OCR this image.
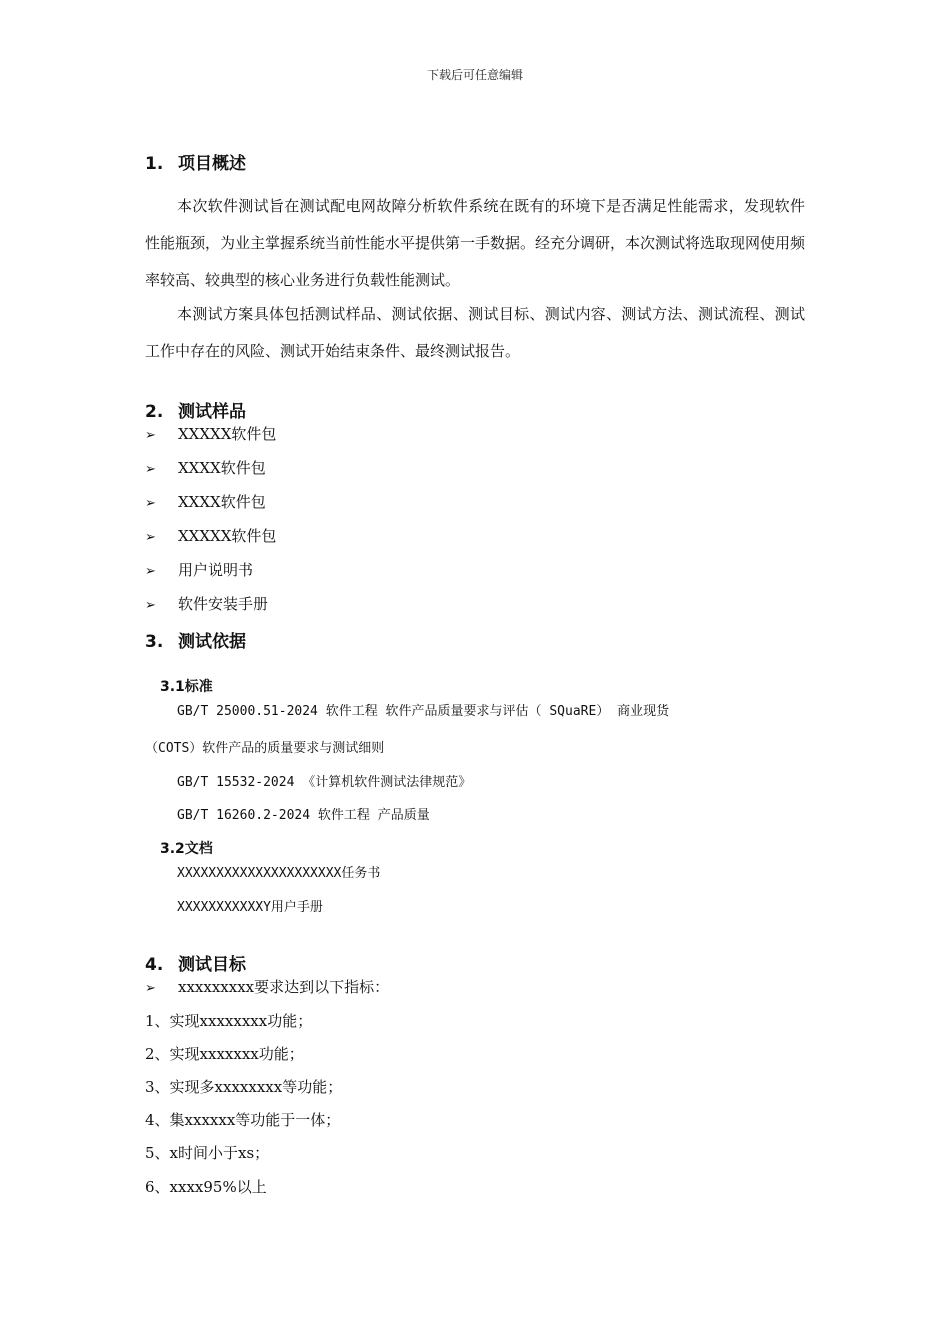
下载后可任意编辑
1. 项目概述
本次软件测试旨在测试配电网故障分析软件系统在既有的环境下是否满足性能需求，发现软件性能瓶颈，为业主掌握系统当前性能水平提供第一手数据。经充分调研，本次测试将选取现网使用频率较高、较典型的核心业务进行负载性能测试。
本测试方案具体包括测试样品、测试依据、测试目标、测试内容、测试方法、测试流程、测试工作中存在的风险、测试开始结束条件、最终测试报告。
2. 测试样品
➢ XXXXX软件包
➢ XXXX软件包
➢ XXXX软件包
➢ XXXXX软件包
➢ 用户说明书
➢ 软件安装手册
3. 测试依据
3.1标准
GB/T 25000.51-2024 软件工程 软件产品质量要求与评估（ SQuaRE） 商业现货
（COTS）软件产品的质量要求与测试细则
GB/T 15532-2024 《计算机软件测试法律规范》
GB/T 16260.2-2024 软件工程 产品质量
3.2文档
XXXXXXXXXXXXXXXXXXXXX任务书
XXXXXXXXXXXY用户手册
4. 测试目标
➢ xxxxxxxxx要求达到以下指标：
1、实现xxxxxxxx功能；
2、实现xxxxxxx功能；
3、实现多xxxxxxxx等功能；
4、集xxxxxx等功能于一体；
5、x时间小于xs；
6、xxxx95%以上
